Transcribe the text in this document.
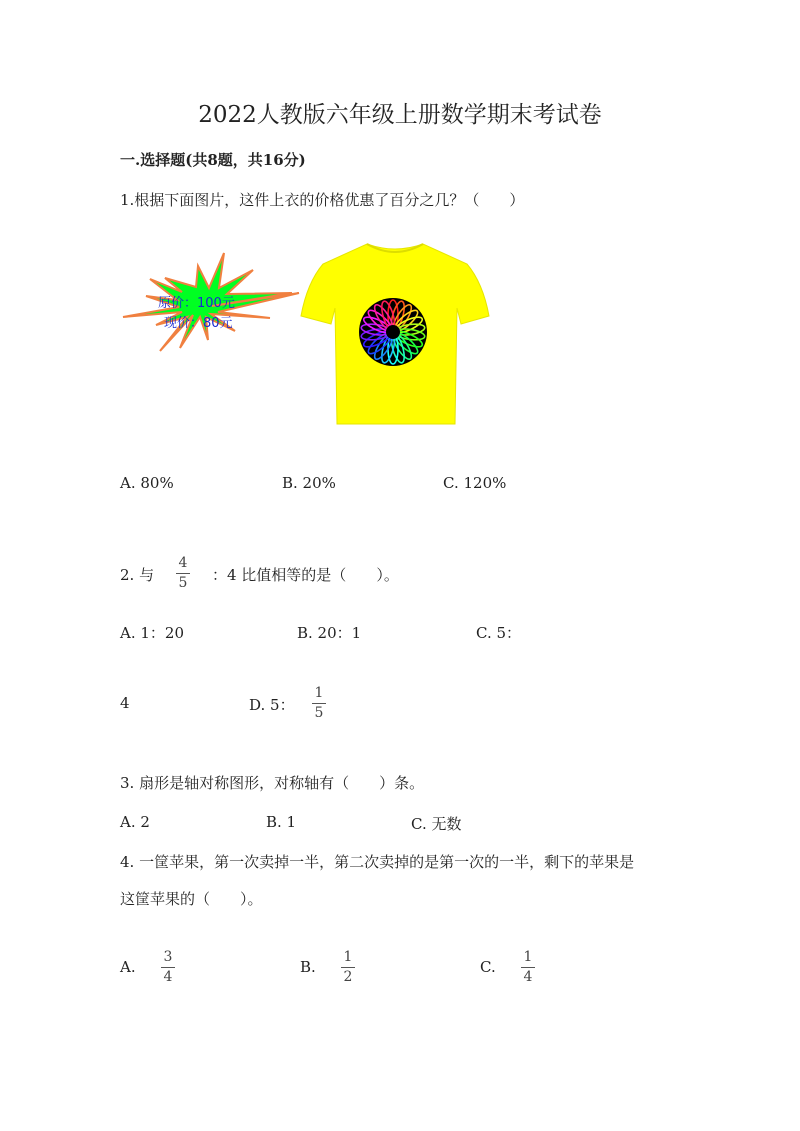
2022人教版六年级上册数学期末考试卷
一.选择题(共8题，共16分)
1.根据下面图片，这件上衣的价格优惠了百分之几？（　　）
原价：100元
现价：80元
A. 80%	B. 20%	C. 120%
2. 与
4
5 ：4 比值相等的是（　　）。
A. 1：20	B. 20：1	C. 5：
4	D. 5：
1
5
3. 扇形是轴对称图形，对称轴有（　　）条。
A. 2	B. 1	C. 无数
4. 一筐苹果，第一次卖掉一半，第二次卖掉的是第一次的一半，剩下的苹果是
这筐苹果的（　　）。
A.
3
4
B.
1
2
C.
1
4
